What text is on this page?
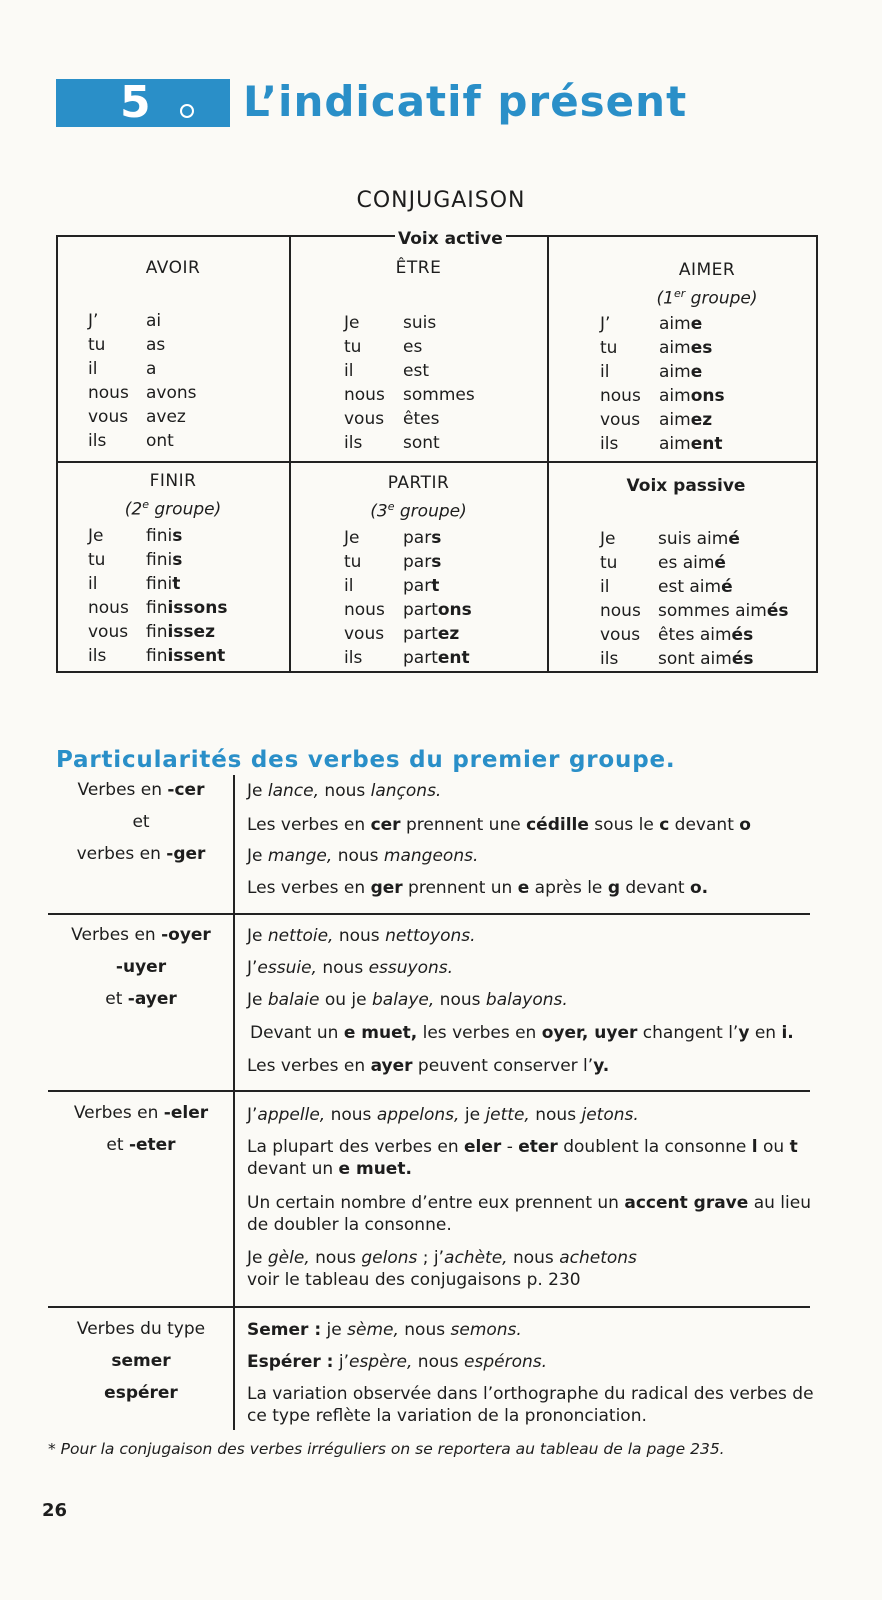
5 L’indicatif présent
CONJUGAISON
Voix active
AVOIR
J’	ai
tu	as
il	a
nous	avons
vous	avez
ils	ont
ÊTRE
Je	suis
tu	es
il	est
nous	sommes
vous	êtes
ils	sont
AIMER
(1er groupe)
J’	aime
tu	aimes
il	aime
nous	aimons
vous	aimez
ils	aiment
FINIR
(2e groupe)
Je	finis
tu	finis
il	finit
nous	finissons
vous	finissez
ils	finissent
PARTIR
(3e groupe)
Je	pars
tu	pars
il	part
nous	partons
vous	partez
ils	partent
Voix passive
Je	suis aimé
tu	es aimé
il	est aimé
nous	sommes aimés
vous	êtes aimés
ils	sont aimés
Particularités des verbes du premier groupe.
Verbes en -cer
et
verbes en -ger
Je lance, nous lançons.
Les verbes en cer prennent une cédille sous le c devant o
Je mange, nous mangeons.
Les verbes en ger prennent un e après le g devant o.
Verbes en -oyer
-uyer
et -ayer
Je nettoie, nous nettoyons.
J’essuie, nous essuyons.
Je balaie ou je balaye, nous balayons.
Devant un e muet, les verbes en oyer, uyer changent l’y en i.
Les verbes en ayer peuvent conserver l’y.
Verbes en -eler
et -eter
J’appelle, nous appelons, je jette, nous jetons.
La plupart des verbes en eler - eter doublent la consonne l ou t devant un e muet.
Un certain nombre d’entre eux prennent un accent grave au lieu de doubler la consonne.
Je gèle, nous gelons ; j’achète, nous achetons
voir le tableau des conjugaisons p. 230
Verbes du type
semer
espérer
Semer : je sème, nous semons.
Espérer : j’espère, nous espérons.
La variation observée dans l’orthographe du radical des verbes de ce type reflète la variation de la prononciation.
* Pour la conjugaison des verbes irréguliers on se reportera au tableau de la page 235.
26
